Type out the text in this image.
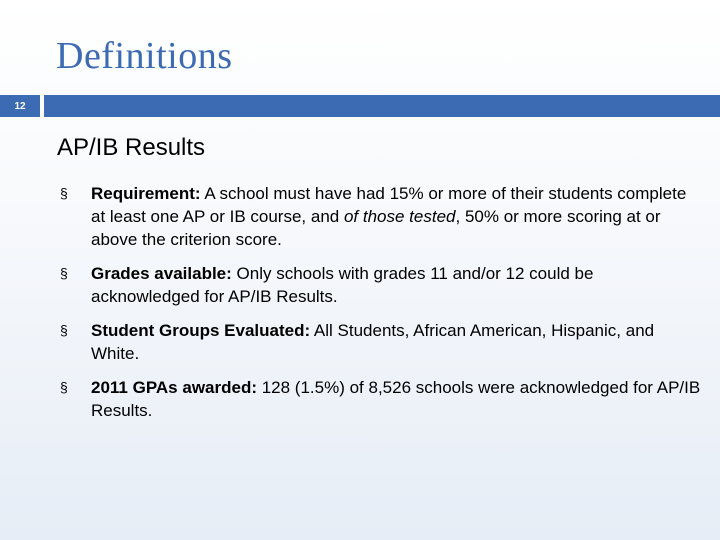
Definitions
12
AP/IB Results
§	Requirement: A school must have had 15% or more of their students complete at least one AP or IB course, and of those tested, 50% or more scoring at or above the criterion score.
§	Grades available: Only schools with grades 11 and/or 12 could be acknowledged for AP/IB Results.
§	Student Groups Evaluated: All Students, African American, Hispanic, and White.
§	2011 GPAs awarded: 128 (1.5%) of 8,526 schools were acknowledged for AP/IB Results.
